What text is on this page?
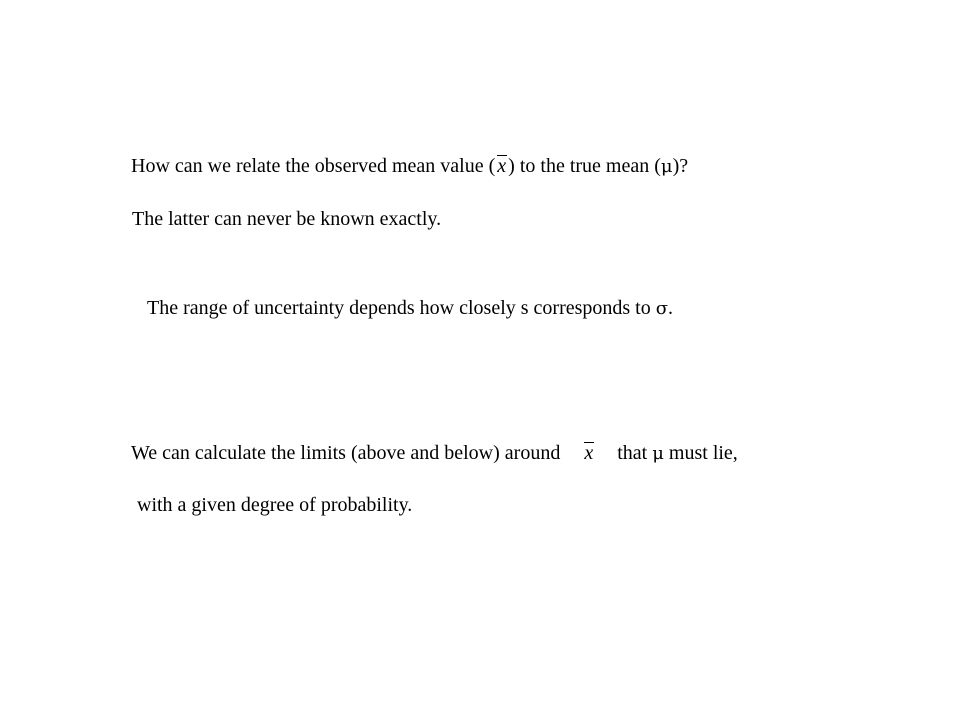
How can we relate the observed mean value ( x ) to the true mean (μ)?
The latter can never be known exactly.
The range of uncertainty depends how closely s corresponds to σ.
We can calculate the limits (above and below) around x that μ must lie,
with a given degree of probability.
